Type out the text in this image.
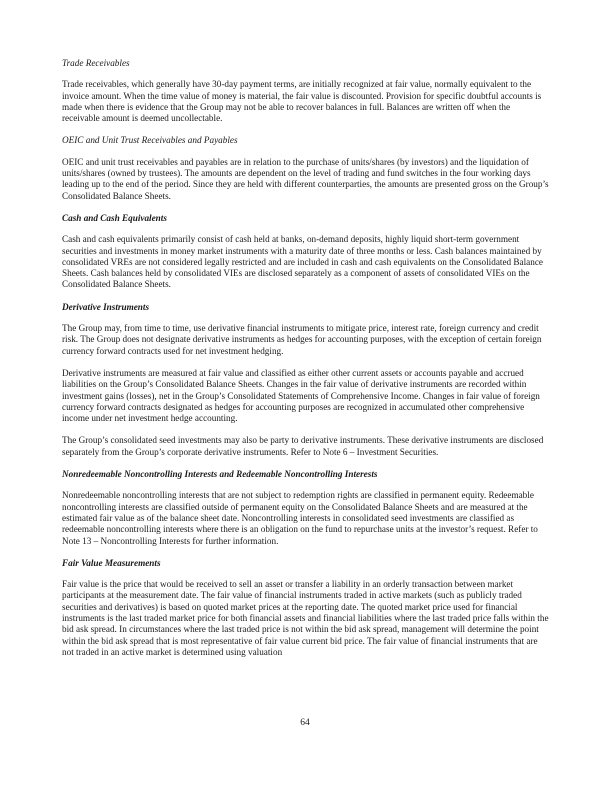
Trade Receivables

Trade receivables, which generally have 30-day payment terms, are initially recognized at fair value, normally equivalent to the invoice amount. When the time value of money is material, the fair value is discounted. Provision for specific doubtful accounts is made when there is evidence that the Group may not be able to recover balances in full. Balances are written off when the receivable amount is deemed uncollectable.

OEIC and Unit Trust Receivables and Payables

OEIC and unit trust receivables and payables are in relation to the purchase of units/shares (by investors) and the liquidation of units/shares (owned by trustees). The amounts are dependent on the level of trading and fund switches in the four working days leading up to the end of the period. Since they are held with different counterparties, the amounts are presented gross on the Group’s Consolidated Balance Sheets.

Cash and Cash Equivalents

Cash and cash equivalents primarily consist of cash held at banks, on-demand deposits, highly liquid short-term government securities and investments in money market instruments with a maturity date of three months or less. Cash balances maintained by consolidated VREs are not considered legally restricted and are included in cash and cash equivalents on the Consolidated Balance Sheets. Cash balances held by consolidated VIEs are disclosed separately as a component of assets of consolidated VIEs on the Consolidated Balance Sheets.

Derivative Instruments

The Group may, from time to time, use derivative financial instruments to mitigate price, interest rate, foreign currency and credit risk. The Group does not designate derivative instruments as hedges for accounting purposes, with the exception of certain foreign currency forward contracts used for net investment hedging.

Derivative instruments are measured at fair value and classified as either other current assets or accounts payable and accrued liabilities on the Group’s Consolidated Balance Sheets. Changes in the fair value of derivative instruments are recorded within investment gains (losses), net in the Group’s Consolidated Statements of Comprehensive Income. Changes in fair value of foreign currency forward contracts designated as hedges for accounting purposes are recognized in accumulated other comprehensive income under net investment hedge accounting.

The Group’s consolidated seed investments may also be party to derivative instruments. These derivative instruments are disclosed separately from the Group’s corporate derivative instruments. Refer to Note 6 – Investment Securities.

Nonredeemable Noncontrolling Interests and Redeemable Noncontrolling Interests

Nonredeemable noncontrolling interests that are not subject to redemption rights are classified in permanent equity. Redeemable noncontrolling interests are classified outside of permanent equity on the Consolidated Balance Sheets and are measured at the estimated fair value as of the balance sheet date. Noncontrolling interests in consolidated seed investments are classified as redeemable noncontrolling interests where there is an obligation on the fund to repurchase units at the investor’s request. Refer to Note 13 – Noncontrolling Interests for further information.

Fair Value Measurements

Fair value is the price that would be received to sell an asset or transfer a liability in an orderly transaction between market participants at the measurement date. The fair value of financial instruments traded in active markets (such as publicly traded securities and derivatives) is based on quoted market prices at the reporting date. The quoted market price used for financial instruments is the last traded market price for both financial assets and financial liabilities where the last traded price falls within the bid ask spread. In circumstances where the last traded price is not within the bid ask spread, management will determine the point within the bid ask spread that is most representative of fair value current bid price. The fair value of financial instruments that are not traded in an active market is determined using valuation

64
